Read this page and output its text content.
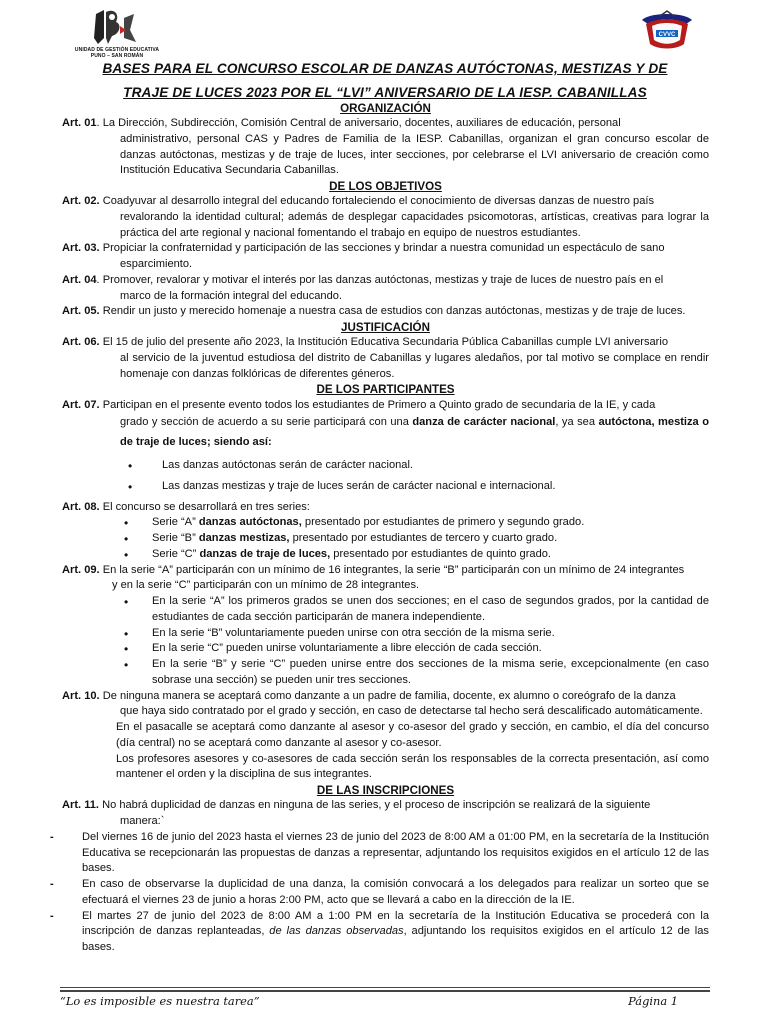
UNIDAD DE GESTIÓN EDUCATIVA
PUNO – SAN ROMÁN
CVVC
BASES PARA EL CONCURSO ESCOLAR DE DANZAS AUTÓCTONAS, MESTIZAS Y DE
TRAJE DE LUCES 2023 POR EL “LVI” ANIVERSARIO DE LA IESP. CABANILLAS
ORGANIZACIÓN

Art. 01. La Dirección, Subdirección, Comisión Central de aniversario, docentes, auxiliares de educación, personal

administrativo, personal CAS y Padres de Familia de la IESP. Cabanillas, organizan el gran concurso escolar de danzas autóctonas, mestizas y de traje de luces, inter secciones, por celebrarse el LVI aniversario de creación como Institución Educativa Secundaria Cabanillas.

DE LOS OBJETIVOS

Art. 02. Coadyuvar al desarrollo integral del educando fortaleciendo el conocimiento de diversas danzas de nuestro país

revalorando la identidad cultural; además de desplegar capacidades psicomotoras, artísticas, creativas para lograr la práctica del arte regional y nacional fomentando el trabajo en equipo de nuestros estudiantes.

Art. 03. Propiciar la confraternidad y participación de las secciones y brindar a nuestra comunidad un espectáculo de sano

esparcimiento.

Art. 04. Promover, revalorar y motivar el interés por las danzas autóctonas, mestizas y traje de luces de nuestro país en el

marco de la formación integral del educando.

Art. 05. Rendir un justo y merecido homenaje a nuestra casa de estudios con danzas autóctonas, mestizas y de traje de luces.

JUSTIFICACIÓN

Art. 06. El 15 de julio del presente año 2023, la Institución Educativa Secundaria Pública Cabanillas cumple LVI aniversario

al servicio de la juventud estudiosa del distrito de Cabanillas y lugares aledaños, por tal motivo se complace en rendir homenaje con danzas folklóricas de diferentes géneros.

DE LOS PARTICIPANTES

Art. 07. Participan en el presente evento todos los estudiantes de Primero a Quinto grado de secundaria de la IE, y cada

grado y sección de acuerdo a su serie participará con una danza de carácter nacional, ya sea autóctona, mestiza o de traje de luces; siendo así:

• Las danzas autóctonas serán de carácter nacional.
• Las danzas mestizas y traje de luces serán de carácter nacional e internacional.

Art. 08. El concurso se desarrollará en tres series:

• Serie “A” danzas autóctonas, presentado por estudiantes de primero y segundo grado.
• Serie “B” danzas mestizas, presentado por estudiantes de tercero y cuarto grado.
• Serie “C” danzas de traje de luces, presentado por estudiantes de quinto grado.

Art. 09. En la serie “A” participarán con un mínimo de 16 integrantes, la serie “B” participarán con un mínimo de 24 integrantes

y en la serie “C” participarán con un mínimo de 28 integrantes.

• En la serie “A” los primeros grados se unen dos secciones; en el caso de segundos grados, por la cantidad de estudiantes de cada sección participarán de manera independiente.
• En la serie “B” voluntariamente pueden unirse con otra sección de la misma serie.
• En la serie “C” pueden unirse voluntariamente a libre elección de cada sección.
• En la serie “B” y serie “C” pueden unirse entre dos secciones de la misma serie, excepcionalmente (en caso sobrase una sección) se pueden unir tres secciones.

Art. 10. De ninguna manera se aceptará como danzante a un padre de familia, docente, ex alumno o coreógrafo de la danza

que haya sido contratado por el grado y sección, en caso de detectarse tal hecho será descalificado automáticamente.

En el pasacalle se aceptará como danzante al asesor y co-asesor del grado y sección, en cambio, el día del concurso (día central) no se aceptará como danzante al asesor y co-asesor.

Los profesores asesores y co-asesores de cada sección serán los responsables de la correcta presentación, así como mantener el orden y la disciplina de sus integrantes.

DE LAS INSCRIPCIONES

Art. 11. No habrá duplicidad de danzas en ninguna de las series, y el proceso de inscripción se realizará de la siguiente

manera:`

- Del viernes 16 de junio del 2023 hasta el viernes 23 de junio del 2023 de 8:00 AM a 01:00 PM, en la secretaría de la Institución Educativa se recepcionarán las propuestas de danzas a representar, adjuntando los requisitos exigidos en el artículo 12 de las bases.
- En caso de observarse la duplicidad de una danza, la comisión convocará a los delegados para realizar un sorteo que se efectuará el viernes 23 de junio a horas 2:00 PM, acto que se llevará a cabo en la dirección de la IE.
- El martes 27 de junio del 2023 de 8:00 AM a 1:00 PM en la secretaría de la Institución Educativa se procederá con la inscripción de danzas replanteadas, de las danzas observadas, adjuntando los requisitos exigidos en el artículo 12 de las bases.
“Lo es imposible es nuestra tarea”	Página 1
